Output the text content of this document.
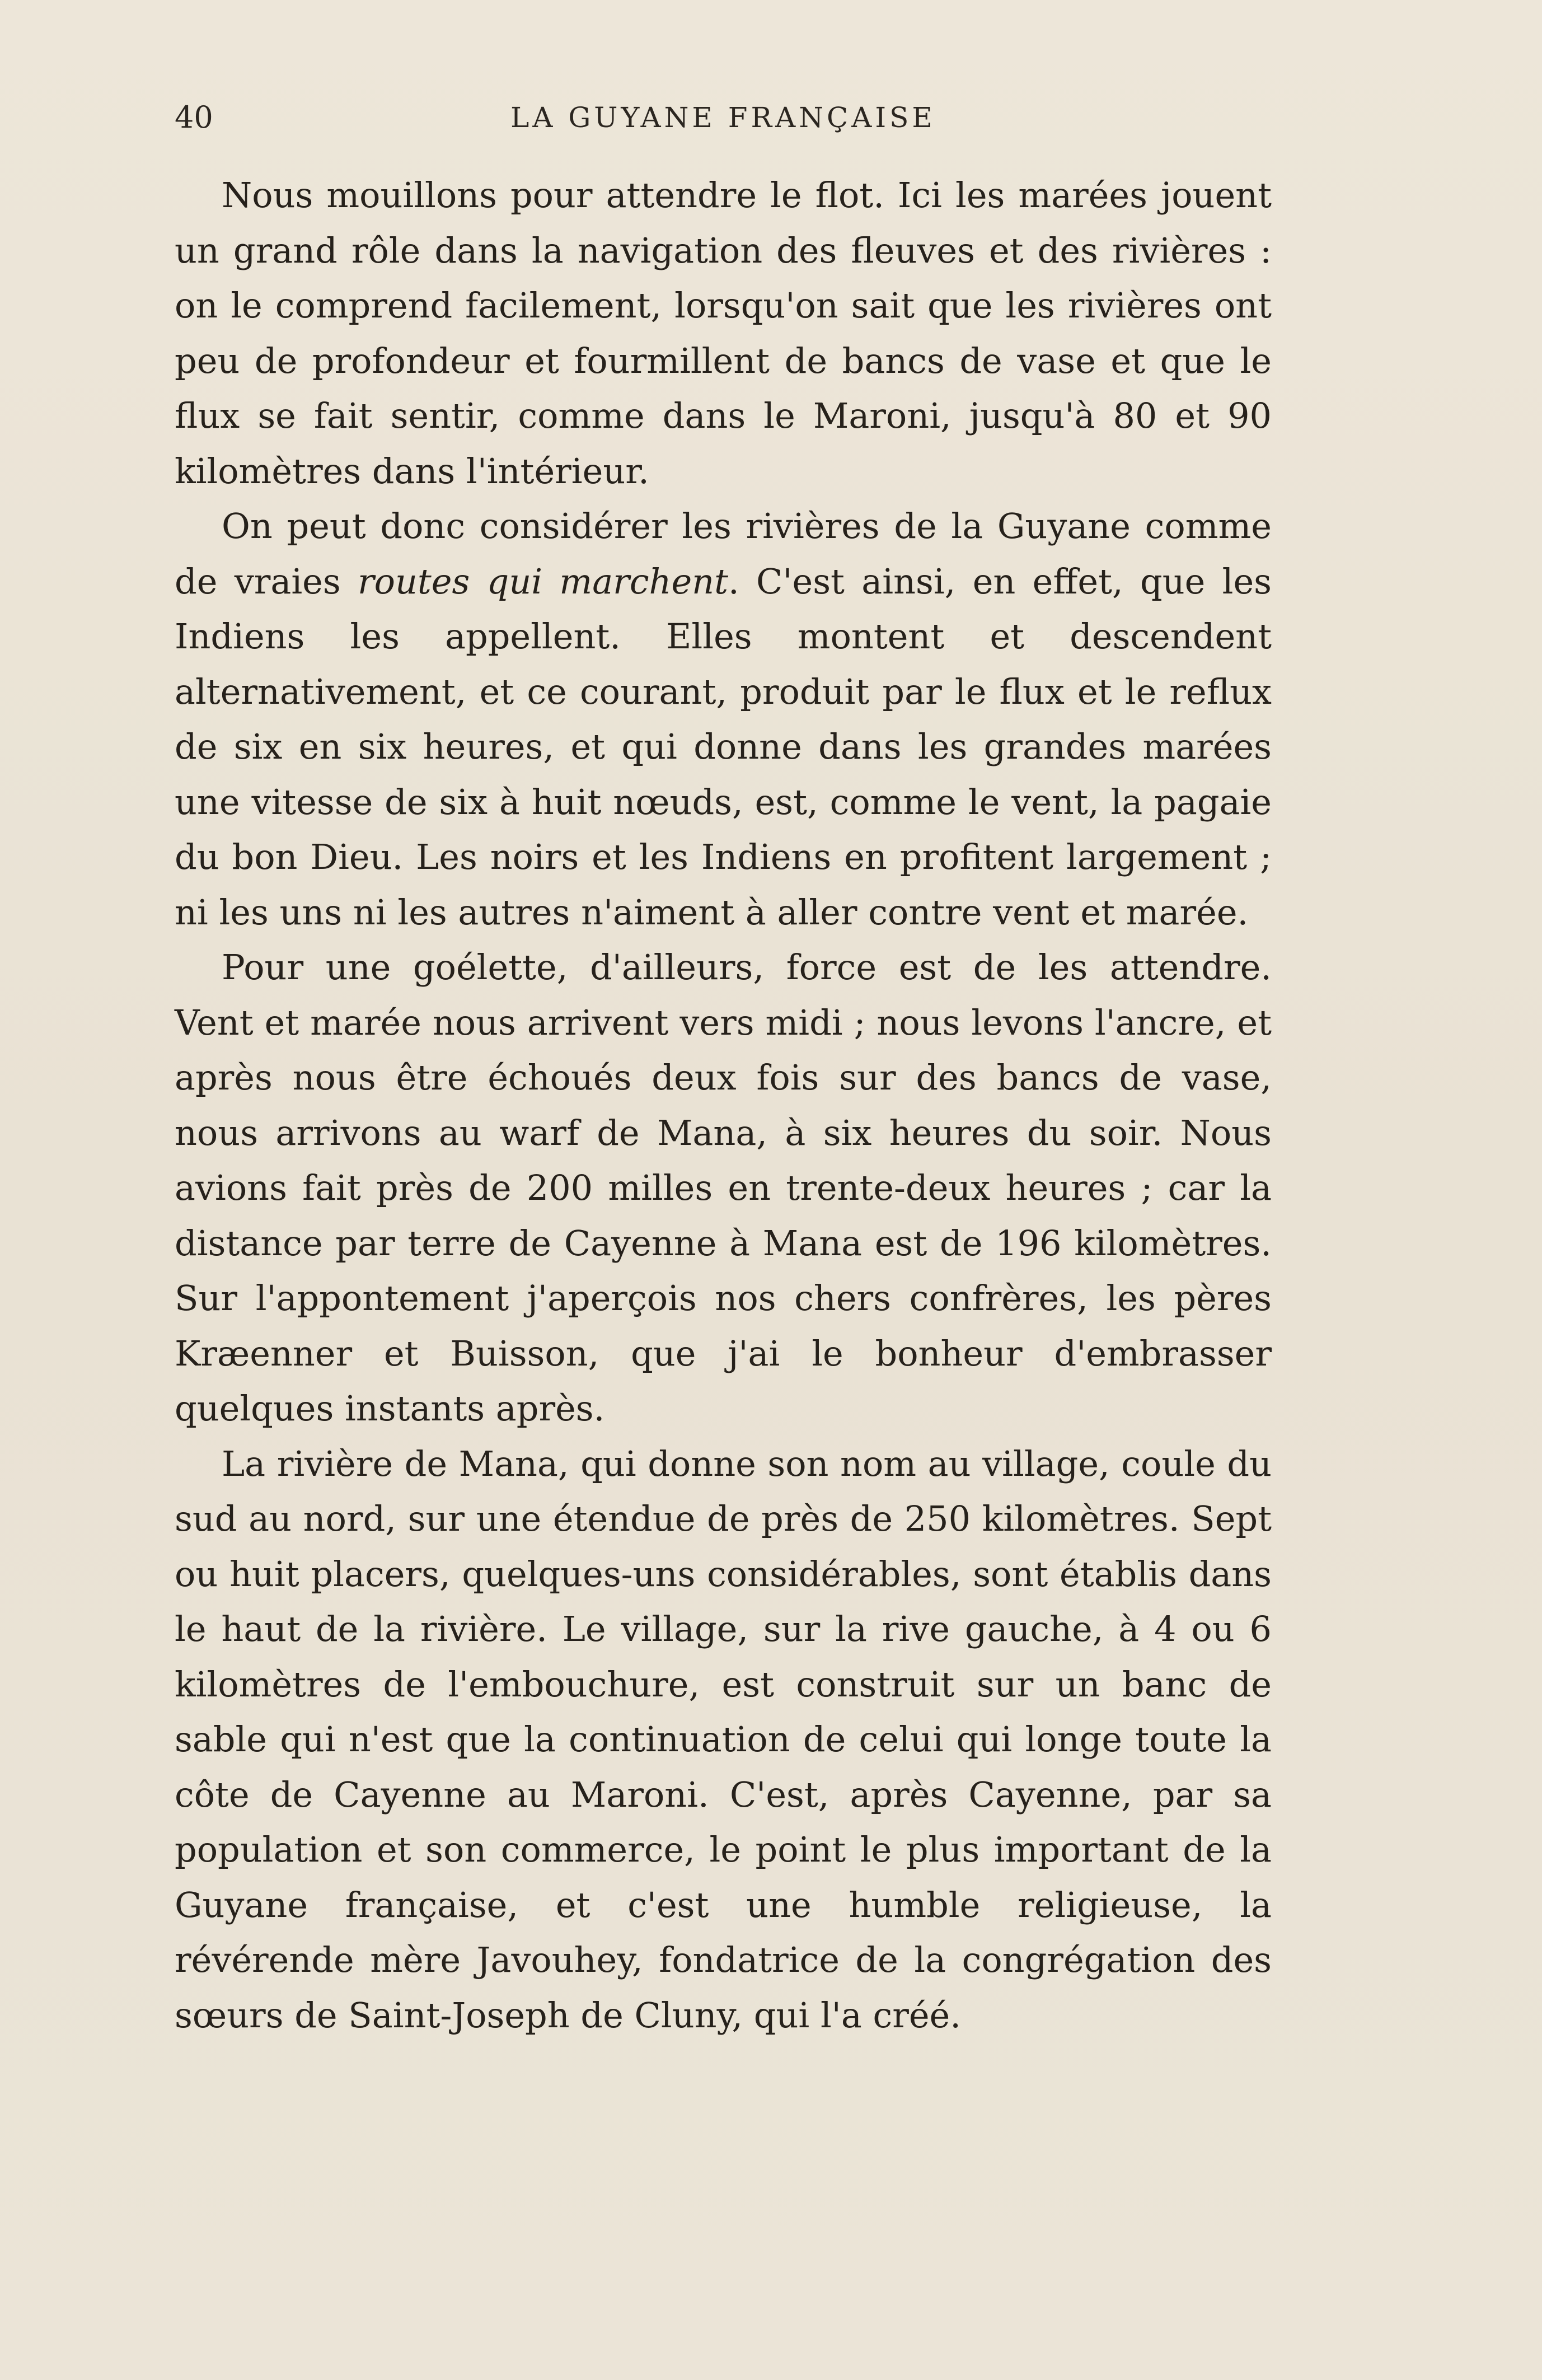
40	LA GUYANE FRANÇAISE

Nous mouillons pour attendre le flot. Ici les marées jouent un grand rôle dans la navigation des fleuves et des rivières : on le comprend facilement, lorsqu'on sait que les rivières ont peu de profondeur et fourmillent de bancs de vase et que le flux se fait sentir, comme dans le Maroni, jusqu'à 80 et 90 kilomètres dans l'intérieur.

On peut donc considérer les rivières de la Guyane comme de vraies routes qui marchent. C'est ainsi, en effet, que les Indiens les appellent. Elles montent et descendent alternativement, et ce courant, produit par le flux et le reflux de six en six heures, et qui donne dans les grandes marées une vitesse de six à huit nœuds, est, comme le vent, la pagaie du bon Dieu. Les noirs et les Indiens en profitent largement ; ni les uns ni les autres n'aiment à aller contre vent et marée.

Pour une goélette, d'ailleurs, force est de les attendre. Vent et marée nous arrivent vers midi ; nous levons l'ancre, et après nous être échoués deux fois sur des bancs de vase, nous arrivons au warf de Mana, à six heures du soir. Nous avions fait près de 200 milles en trente-deux heures ; car la distance par terre de Cayenne à Mana est de 196 kilomètres. Sur l'appontement j'aperçois nos chers confrères, les pères Kræenner et Buisson, que j'ai le bonheur d'embrasser quelques instants après.

La rivière de Mana, qui donne son nom au village, coule du sud au nord, sur une étendue de près de 250 kilomètres. Sept ou huit placers, quelques-uns considérables, sont établis dans le haut de la rivière. Le village, sur la rive gauche, à 4 ou 6 kilomètres de l'embouchure, est construit sur un banc de sable qui n'est que la continuation de celui qui longe toute la côte de Cayenne au Maroni. C'est, après Cayenne, par sa population et son commerce, le point le plus important de la Guyane française, et c'est une humble religieuse, la révérende mère Javouhey, fondatrice de la congrégation des sœurs de Saint-Joseph de Cluny, qui l'a créé.
